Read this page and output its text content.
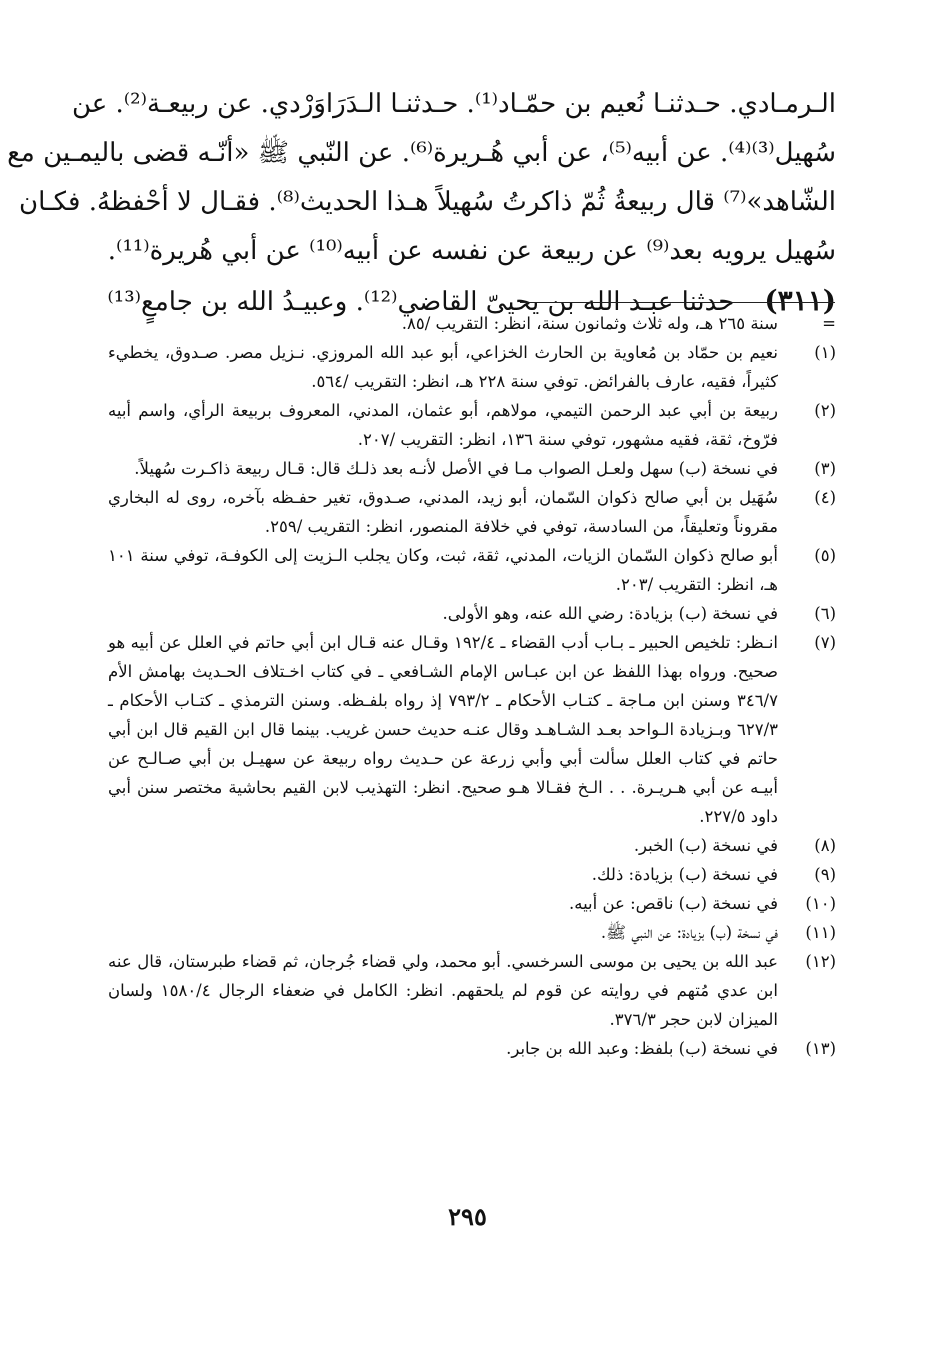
الـرمـادي. حـدثنـا نُعيم بن حمّـاد⁽¹⁾. حـدثنـا الـدَرَاوَرْدي. عن ربيعـة⁽²⁾. عن
سُهيل⁽³⁾⁽⁴⁾. عن أبيه⁽⁵⁾، عن أبي هُـريرة⁽⁶⁾. عن النّبي ﷺ «أنّـه قضى باليمـين مع
الشّاهد»⁽⁷⁾ قال ربيعةُ ثُمّ ذاكرتُ سُهيلاً هـذا الحديث⁽⁸⁾. فقـال لا أحْفظهُ. فكـان
سُهيل يرويه بعد⁽⁹⁾ عن ربيعة عن نفسه عن أبيه⁽¹⁰⁾ عن أبي هُريرة⁽¹¹⁾.
(٣١١)حدثنا عبـد الله بن يحيىّ القاضي⁽¹²⁾. وعبيـدُ الله بن جامعٍ⁽¹³⁾
=
سنة ٢٦٥ هـ، وله ثلاث وثمانون سنة، انظر: التقريب /٨٥.
(١)
نعيم بن حمّاد بن مُعاوية بن الحارث الخزاعي، أبو عبد الله المروزي. نـزيل مصر. صـدوق، يخطيء كثيراً، فقيه، عارف بالفرائض. توفي سنة ٢٢٨ هـ، انظر: التقريب /٥٦٤.
(٢)
ربيعة بن أبي عبد الرحمن التيمي، مولاهم، أبو عثمان، المدني، المعروف بربيعة الرأي، واسم أبيه فرّوخ، ثقة، فقيه مشهور، توفي سنة ١٣٦، انظر: التقريب /٢٠٧.
(٣)
في نسخة (ب) سهل ولعـل الصواب مـا في الأصل لأنـه بعد ذلـك قال: قـال ربيعة ذاكـرت سُهيلاً.
(٤)
سُهَيل بن أبي صالح ذكوان السّمان، أبو زيد، المدني، صـدوق، تغير حفـظه بآخره، روى له البخاري مقروناً وتعليقاً، من السادسة، توفي في خلافة المنصور، انظر: التقريب /٢٥٩.
(٥)
أبو صالح ذكوان السّمان الزيات، المدني، ثقة، ثبت، وكان يجلب الـزيت إلى الكوفـة، توفي سنة ١٠١ هـ، انظر: التقريب /٢٠٣.
(٦)
في نسخة (ب) بزيادة: رضي الله عنه، وهو الأولى.
(٧)
انـظر: تلخيص الحبير ـ بـاب أدب القضاء ـ ١٩٢/٤ وقـال عنه قـال ابن أبي حاتم في العلل عن أبيه هو صحيح. ورواه بهذا اللفظ عن ابن عبـاس الإمام الشـافعي ـ في كتاب اخـتلاف الحـديث بهامش الأم ٣٤٦/٧ وسنن ابن مـاجة ـ كتـاب الأحكام ـ ٧٩٣/٢ إذ رواه بلفـظه. وسنن الترمذي ـ كتـاب الأحكام ـ ٦٢٧/٣ وبـزيادة الـواحد بعـد الشـاهـد وقال عنـه حديث حسن غريب. بينما قال ابن القيم قال ابن أبي حاتم في كتاب العلل سألت أبي وأبي زرعة عن حـديث رواه ربيعة عن سهيـل بن أبي صـالـح عن أبيـه عن أبي هـريـرة. . . الـخ فقـالا هـو صحيح. انظر: التهذيب لابن القيم بحاشية مختصر سنن أبي داود ٢٢٧/٥.
(٨)
في نسخة (ب) الخبر.
(٩)
في نسخة (ب) بزيادة: ذلك.
(١٠)
في نسخة (ب) ناقص: عن أبيه.
(١١)
في نسخة (ب) بزيادة: عن النبي ﷺ.
(١٢)
عبد الله بن يحيى بن موسى السرخسي. أبو محمد، ولي قضاء جُرجان، ثم قضاء طبرستان، قال عنه ابن عدي مُتهم في روايته عن قوم لم يلحقهم. انظر: الكامل في ضعفاء الرجال ١٥٨٠/٤ ولسان الميزان لابن حجر ٣٧٦/٣.
(١٣)
في نسخة (ب) بلفظ: وعبد الله بن جابر.
٢٩٥
